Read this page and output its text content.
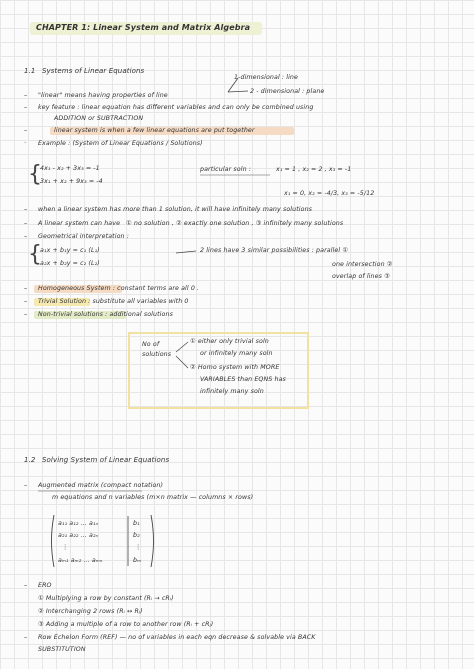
CHAPTER 1: Linear System and Matrix Algebra
1.1 Systems of Linear Equations
1-dimensional : line
2 - dimensional : plane
– "linear" means having properties of line
– key feature : linear equation has different variables and can only be combined using
ADDITION or SUBTRACTION
–	linear system is when a few linear equations are put together
· Example : (System of Linear Equations / Solutions)
{
4x₁ - x₂ + 3x₃ = -1
3x₁ + x₂ + 9x₃ = -4
particular soln :	x₁ = 1 , x₂ = 2 , x₃ = -1
x₁ = 0, x₂ = -4/3, x₃ = -5/12
– when a linear system has more than 1 solution, it will have infinitely many solutions
– A linear system can have ① no solution , ② exactly one solution , ③ infinitely many solutions
– Geometrical interpretation :
{
a₁x + b₁y = c₁ (L₁)
a₂x + b₂y = c₂ (L₂)
2 lines have 3 similar possibilities : parallel ①
one intersection ②
overlap of lines ③
– Homogeneous System : constant terms are all 0 .
– Trivial Solution : substitute all variables with 0
– Non-trivial solutions : additional solutions
No of
solutions
① either only trivial soln
or infinitely many soln
② Homo system with MORE
VARIABLES than EQNS has
infinitely many soln
1.2 Solving System of Linear Equations
– Augmented matrix (compact notation)
m equations and n variables (m×n matrix — columns × rows)
a₁₁ a₁₂ ... a₁ₙ
a₂₁ a₂₂ ... a₂ₙ
⋮
aₘ₁ aₘ₂ ... aₘₙ
b₁
b₂
⋮
bₘ
– ERO
① Multiplying a row by constant (Rᵢ → cRᵢ)
② Interchanging 2 rows (Rᵢ ↔ Rⱼ)
③ Adding a multiple of a row to another row (Rᵢ + cRⱼ)
– Row Echelon Form (REF) — no of variables in each eqn decrease & solvable via BACK
SUBSTITUTION
